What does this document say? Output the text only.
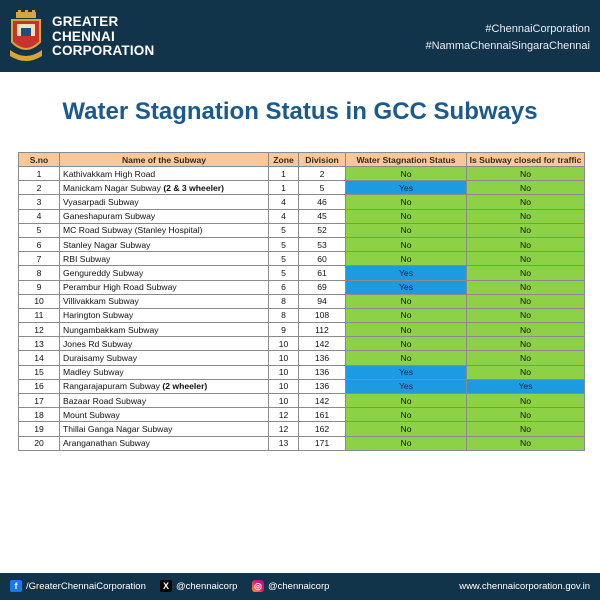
GREATER
CHENNAI
CORPORATION
#ChennaiCorporation
#NammaChennaiSingaraChennai
Water Stagnation Status in GCC Subways
S.no	Name of the Subway	Zone	Division	Water Stagnation Status	Is Subway closed for traffic
1	Kathivakkam High Road	1	2	No	No
2	Manickam Nagar Subway (2 & 3 wheeler)	1	5	Yes	No
3	Vyasarpadi Subway	4	46	No	No
4	Ganeshapuram Subway	4	45	No	No
5	MC Road Subway (Stanley Hospital)	5	52	No	No
6	Stanley Nagar Subway	5	53	No	No
7	RBI Subway	5	60	No	No
8	Gengureddy Subway	5	61	Yes	No
9	Perambur High Road Subway	6	69	Yes	No
10	Villivakkam Subway	8	94	No	No
11	Harington Subway	8	108	No	No
12	Nungambakkam Subway	9	112	No	No
13	Jones Rd Subway	10	142	No	No
14	Duraisamy Subway	10	136	No	No
15	Madley Subway	10	136	Yes	No
16	Rangarajapuram Subway (2 wheeler)	10	136	Yes	Yes
17	Bazaar Road Subway	10	142	No	No
18	Mount Subway	12	161	No	No
19	Thillai Ganga Nagar Subway	12	162	No	No
20	Aranganathan Subway	13	171	No	No
f /GreaterChennaiCorporation	X @chennaicorp ◎ @chennaicorp	www.chennaicorporation.gov.in
